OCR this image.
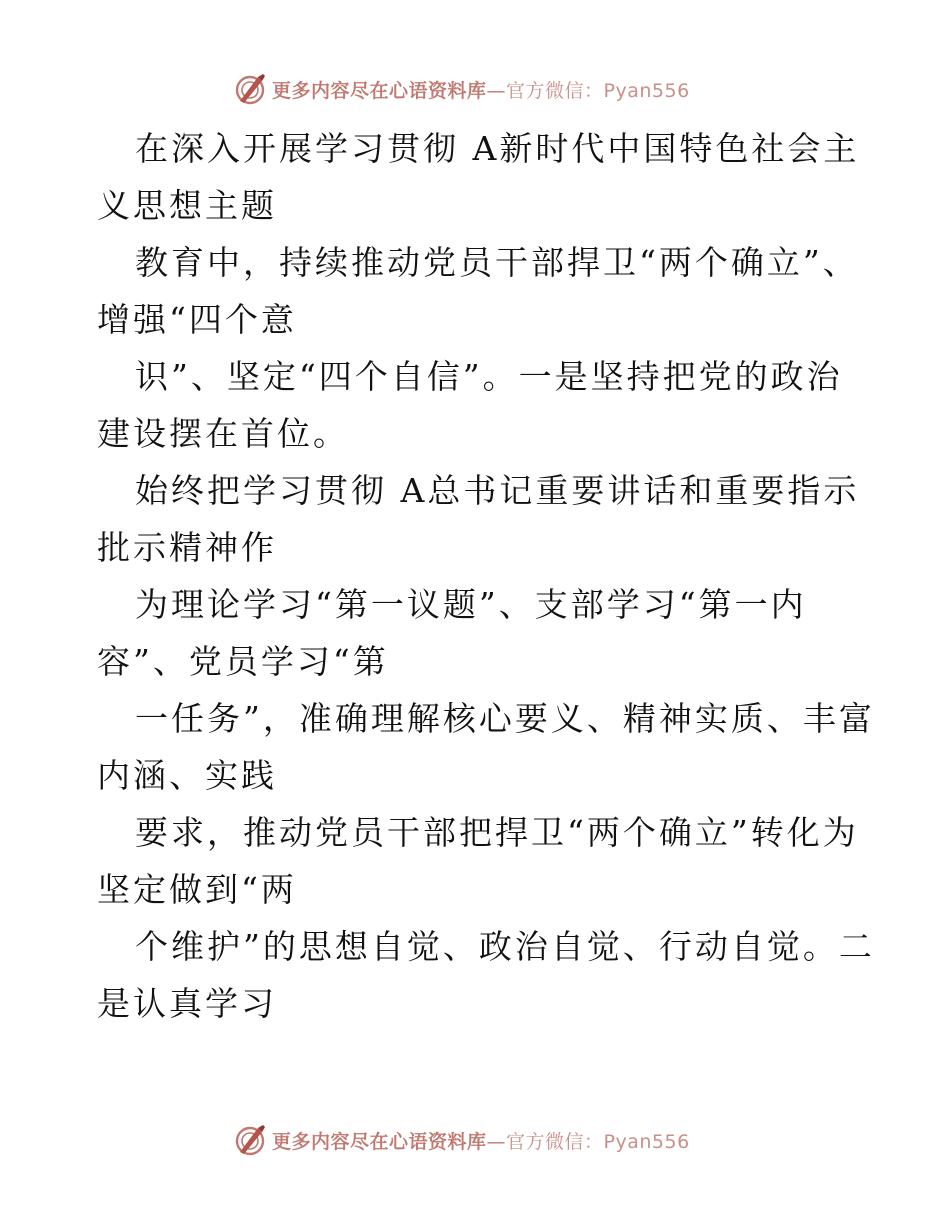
更多内容尽在心语资料库—官方微信：Pyan556
在深入开展学习贯彻 A新时代中国特色社会主
义思想主题
教育中，持续推动党员干部捍卫“两个确立”、
增强“四个意
识”、坚定“四个自信”。一是坚持把党的政治
建设摆在首位。
始终把学习贯彻 A总书记重要讲话和重要指示
批示精神作
为理论学习“第一议题”、支部学习“第一内
容”、党员学习“第
一任务”，准确理解核心要义、精神实质、丰富
内涵、实践
要求，推动党员干部把捍卫“两个确立”转化为
坚定做到“两
个维护”的思想自觉、政治自觉、行动自觉。二
是认真学习
更多内容尽在心语资料库—官方微信：Pyan556
